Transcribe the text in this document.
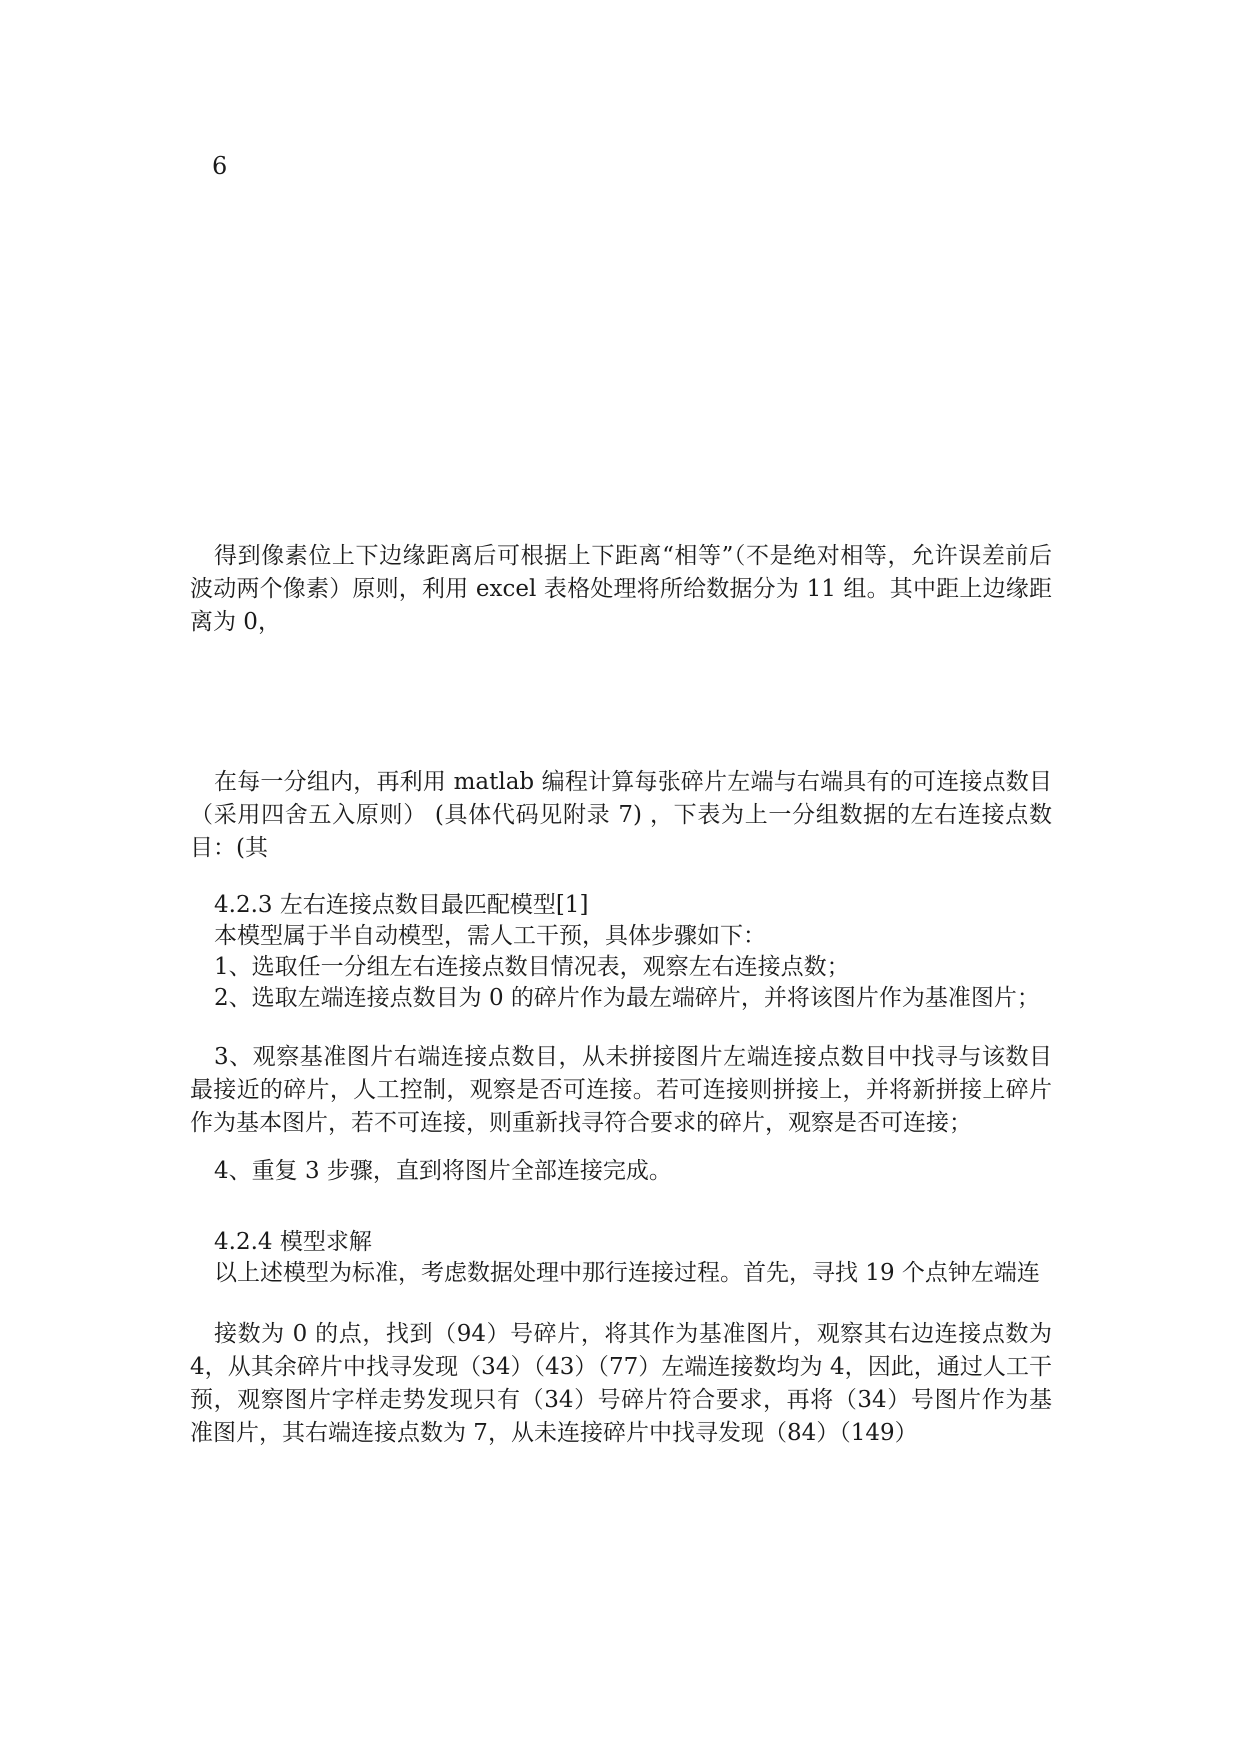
6

得到像素位上下边缘距离后可根据上下距离“相等”（不是绝对相等，允许误差前后波动两个像素）原则，利用 excel 表格处理将所给数据分为 11 组。其中距上边缘距离为 0，

在每一分组内，再利用 matlab 编程计算每张碎片左端与右端具有的可连接点数目（采用四舍五入原则） (具体代码见附录 7) ，下表为上一分组数据的左右连接点数目：(其

4.2.3 左右连接点数目最匹配模型[1]

本模型属于半自动模型，需人工干预，具体步骤如下：

1、选取任一分组左右连接点数目情况表，观察左右连接点数；

2、选取左端连接点数目为 0 的碎片作为最左端碎片，并将该图片作为基准图片；

3、观察基准图片右端连接点数目，从未拼接图片左端连接点数目中找寻与该数目最接近的碎片，人工控制，观察是否可连接。若可连接则拼接上，并将新拼接上碎片作为基本图片，若不可连接，则重新找寻符合要求的碎片，观察是否可连接；

4、重复 3 步骤，直到将图片全部连接完成。

4.2.4 模型求解

以上述模型为标准，考虑数据处理中那行连接过程。首先，寻找 19 个点钟左端连

接数为 0 的点，找到（94）号碎片，将其作为基准图片，观察其右边连接点数为 4，从其余碎片中找寻发现（34）（43）（77）左端连接数均为 4，因此，通过人工干预，观察图片字样走势发现只有（34）号碎片符合要求，再将（34）号图片作为基准图片，其右端连接点数为 7，从未连接碎片中找寻发现（84）（149）
